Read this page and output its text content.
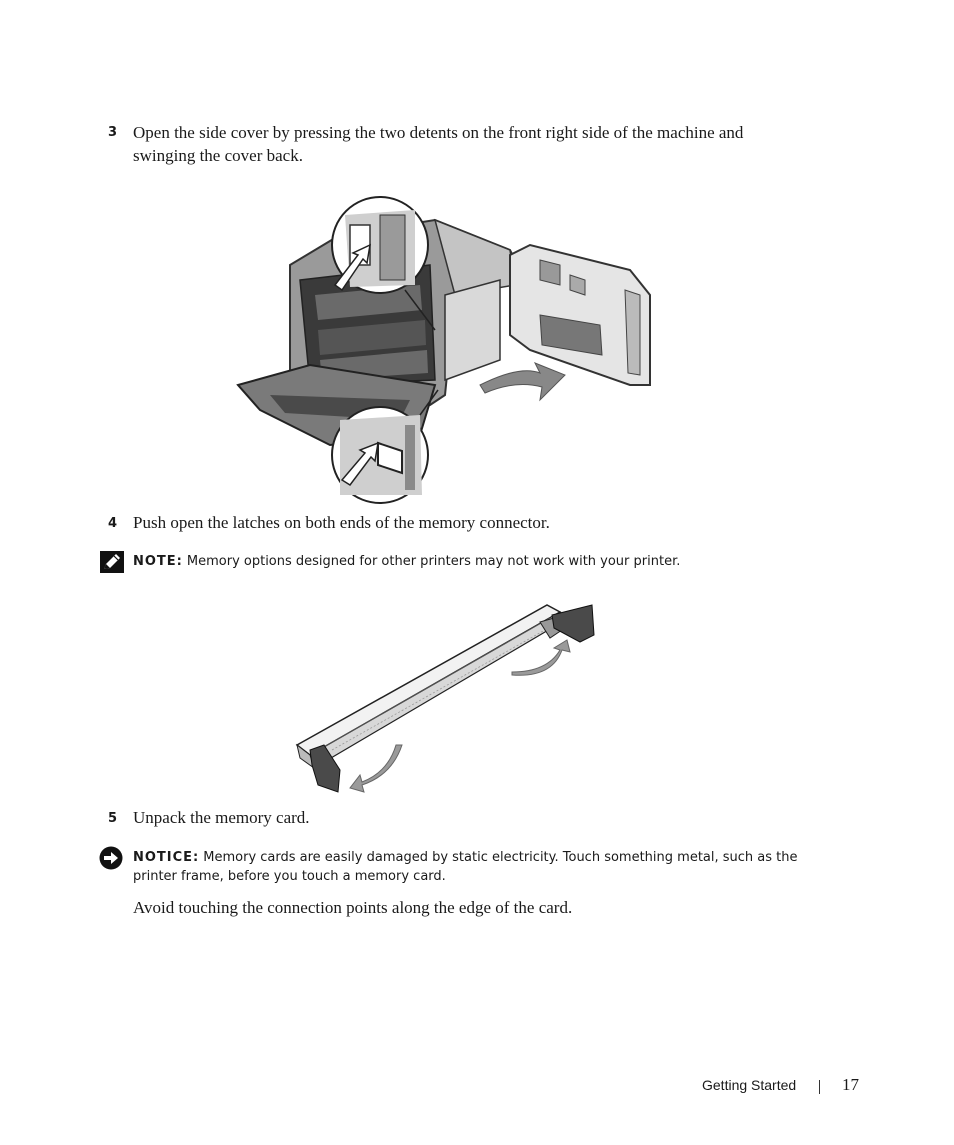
3 Open the side cover by pressing the two detents on the front right side of the machine and
swinging the cover back.
4 Push open the latches on both ends of the memory connector.
NOTE: Memory options designed for other printers may not work with your printer.
5 Unpack the memory card.
NOTICE: Memory cards are easily damaged by static electricity. Touch something metal, such as the
printer frame, before you touch a memory card.
Avoid touching the connection points along the edge of the card.
Getting Started	17
